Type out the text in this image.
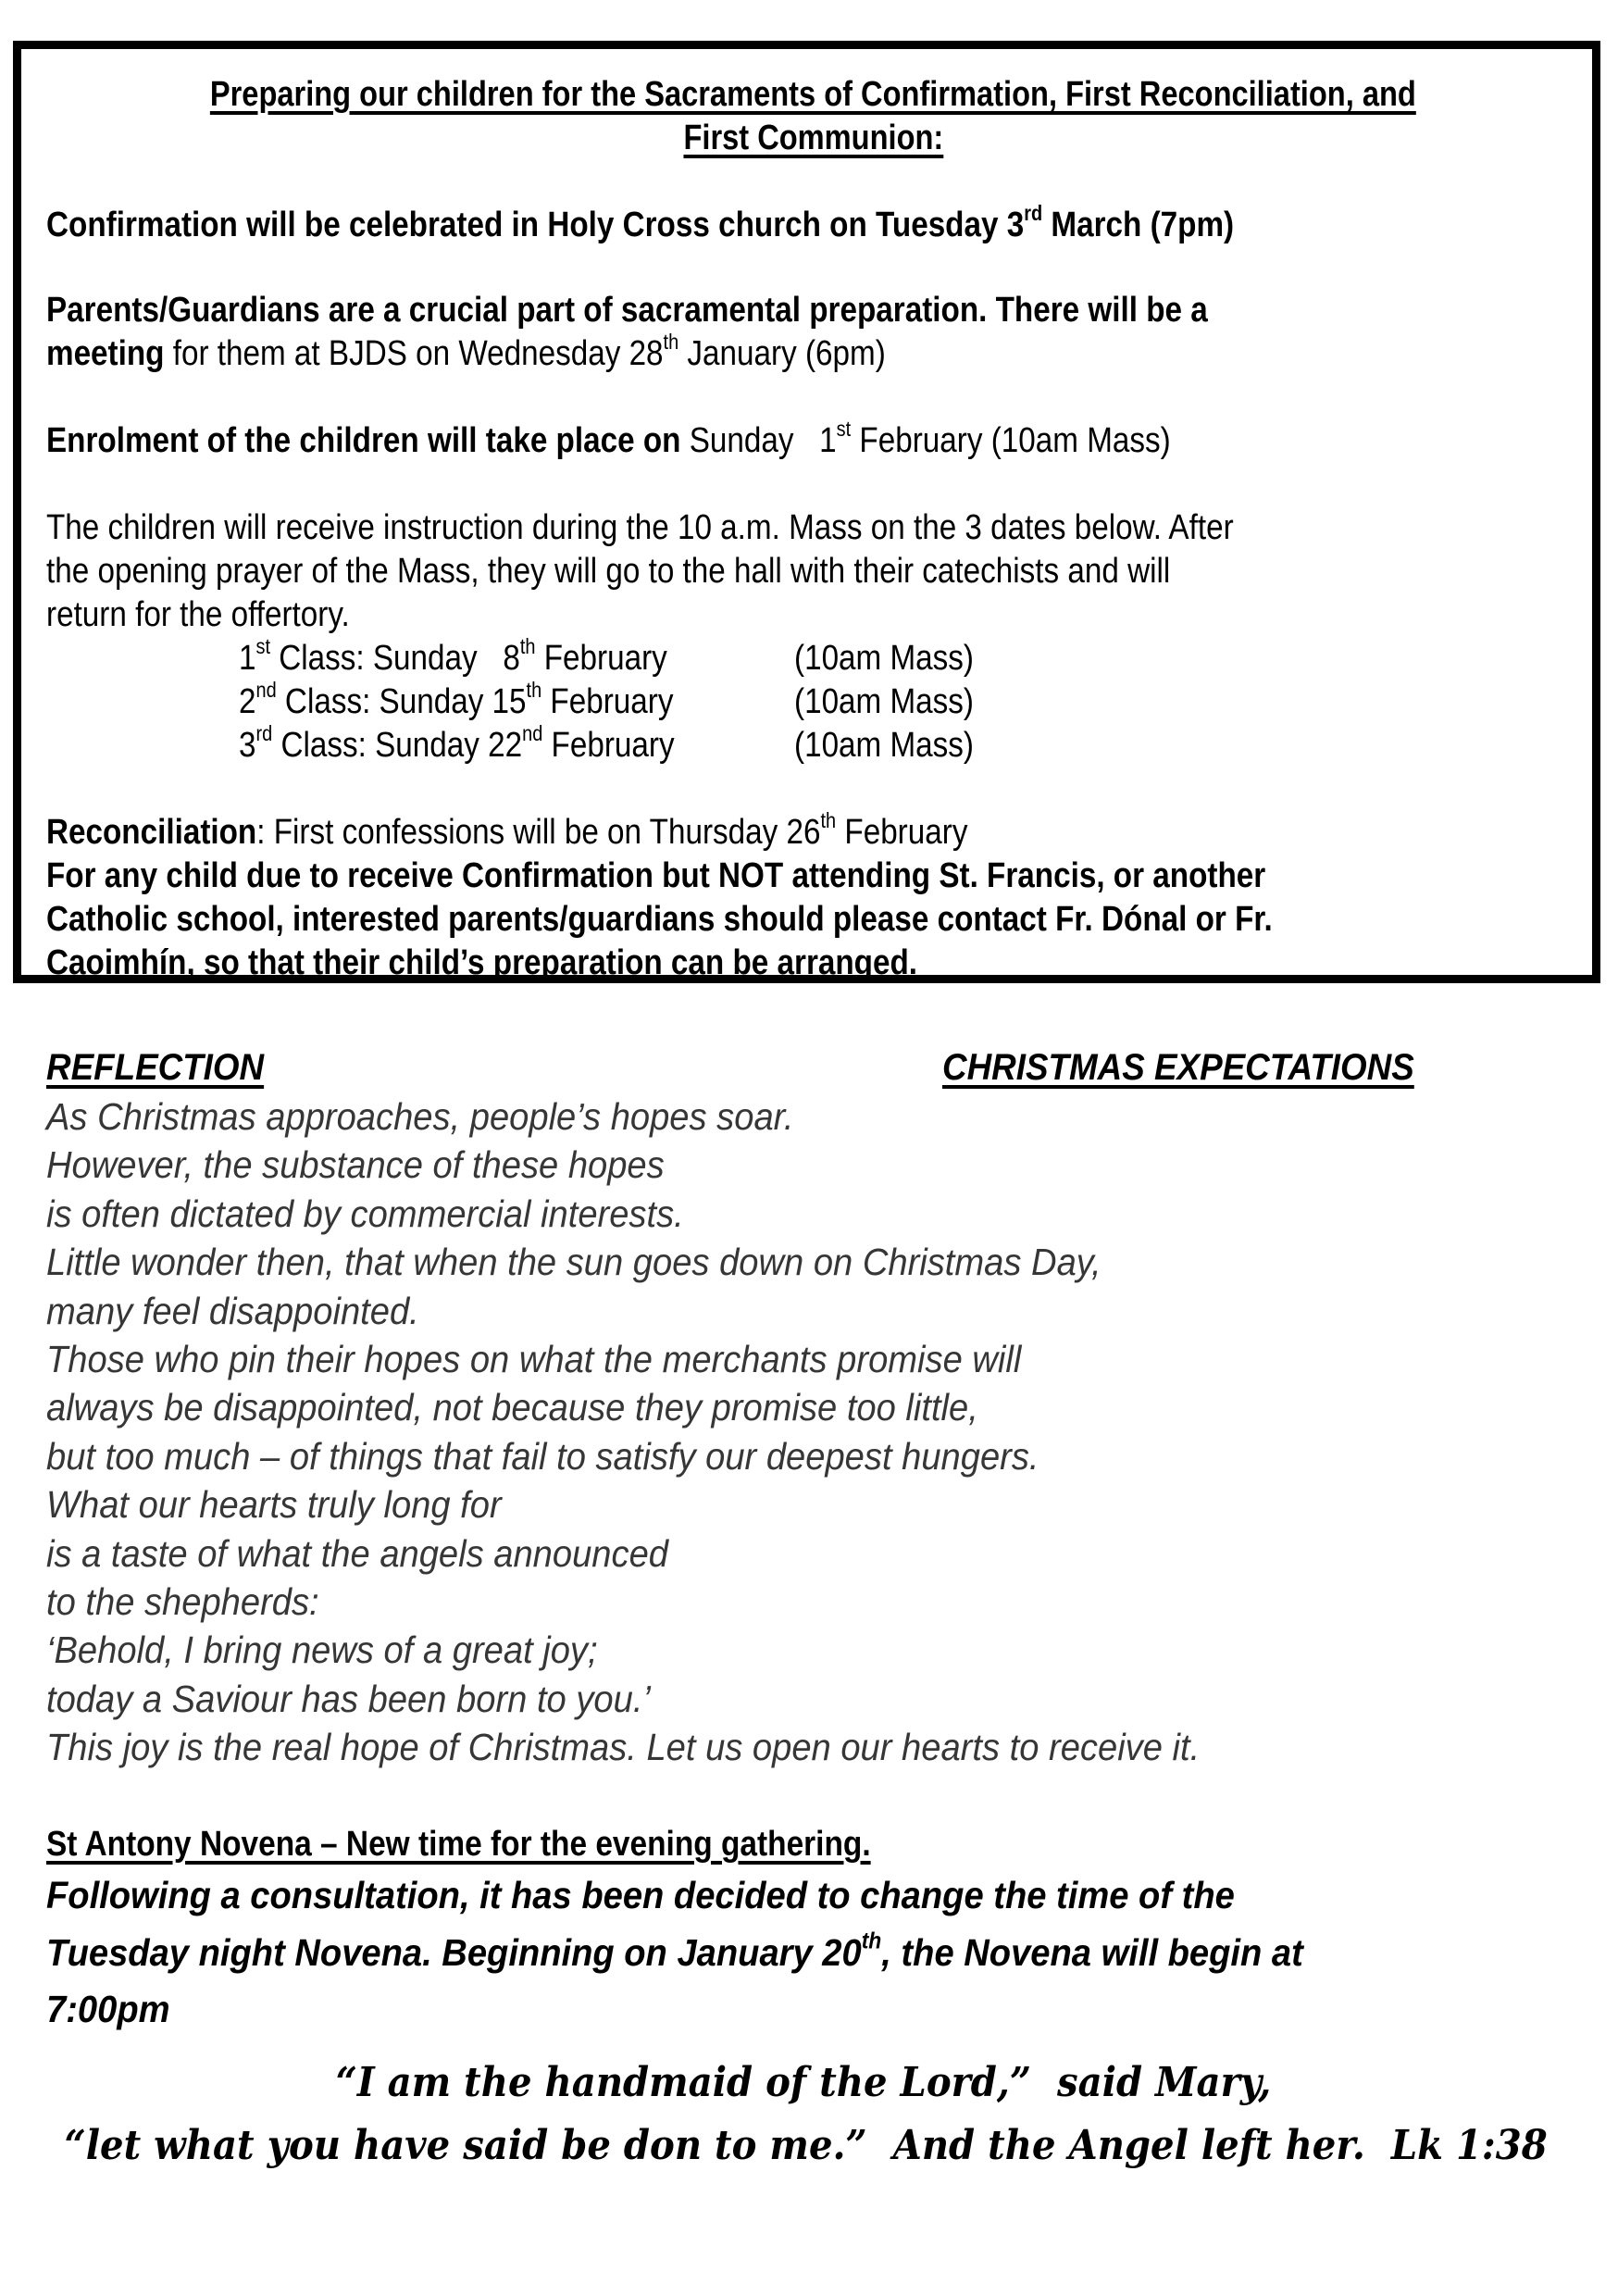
Preparing our children for the Sacraments of Confirmation, First Reconciliation, and
First Communion:
Confirmation will be celebrated in Holy Cross church on Tuesday 3rd March (7pm)
Parents/Guardians are a crucial part of sacramental preparation. There will be a
meeting for them at BJDS on Wednesday 28th January (6pm)
Enrolment of the children will take place on Sunday   1st February (10am Mass)
The children will receive instruction during the 10 a.m. Mass on the 3 dates below. After
the opening prayer of the Mass, they will go to the hall with their catechists and will
return for the offertory.
1st Class: Sunday   8th February	(10am Mass)
2nd Class: Sunday 15th February	(10am Mass)
3rd Class: Sunday 22nd February	(10am Mass)
Reconciliation: First confessions will be on Thursday 26th February
For any child due to receive Confirmation but NOT attending St. Francis, or another
Catholic school, interested parents/guardians should please contact Fr. Dónal or Fr.
Caoimhín, so that their child’s preparation can be arranged.
REFLECTION	CHRISTMAS EXPECTATIONS
As Christmas approaches, people’s hopes soar.
However, the substance of these hopes
is often dictated by commercial interests.
Little wonder then, that when the sun goes down on Christmas Day,
many feel disappointed.
Those who pin their hopes on what the merchants promise will
always be disappointed, not because they promise too little,
but too much – of things that fail to satisfy our deepest hungers.
What our hearts truly long for
is a taste of what the angels announced
to the shepherds:
‘Behold, I bring news of a great joy;
today a Saviour has been born to you.’
This joy is the real hope of Christmas. Let us open our hearts to receive it.
St Antony Novena – New time for the evening gathering.
Following a consultation, it has been decided to change the time of the
Tuesday night Novena. Beginning on January 20th, the Novena will begin at
7:00pm
“I am the handmaid of the Lord,”  said Mary,
“let what you have said be don to me.”  And the Angel left her.  Lk 1:38
